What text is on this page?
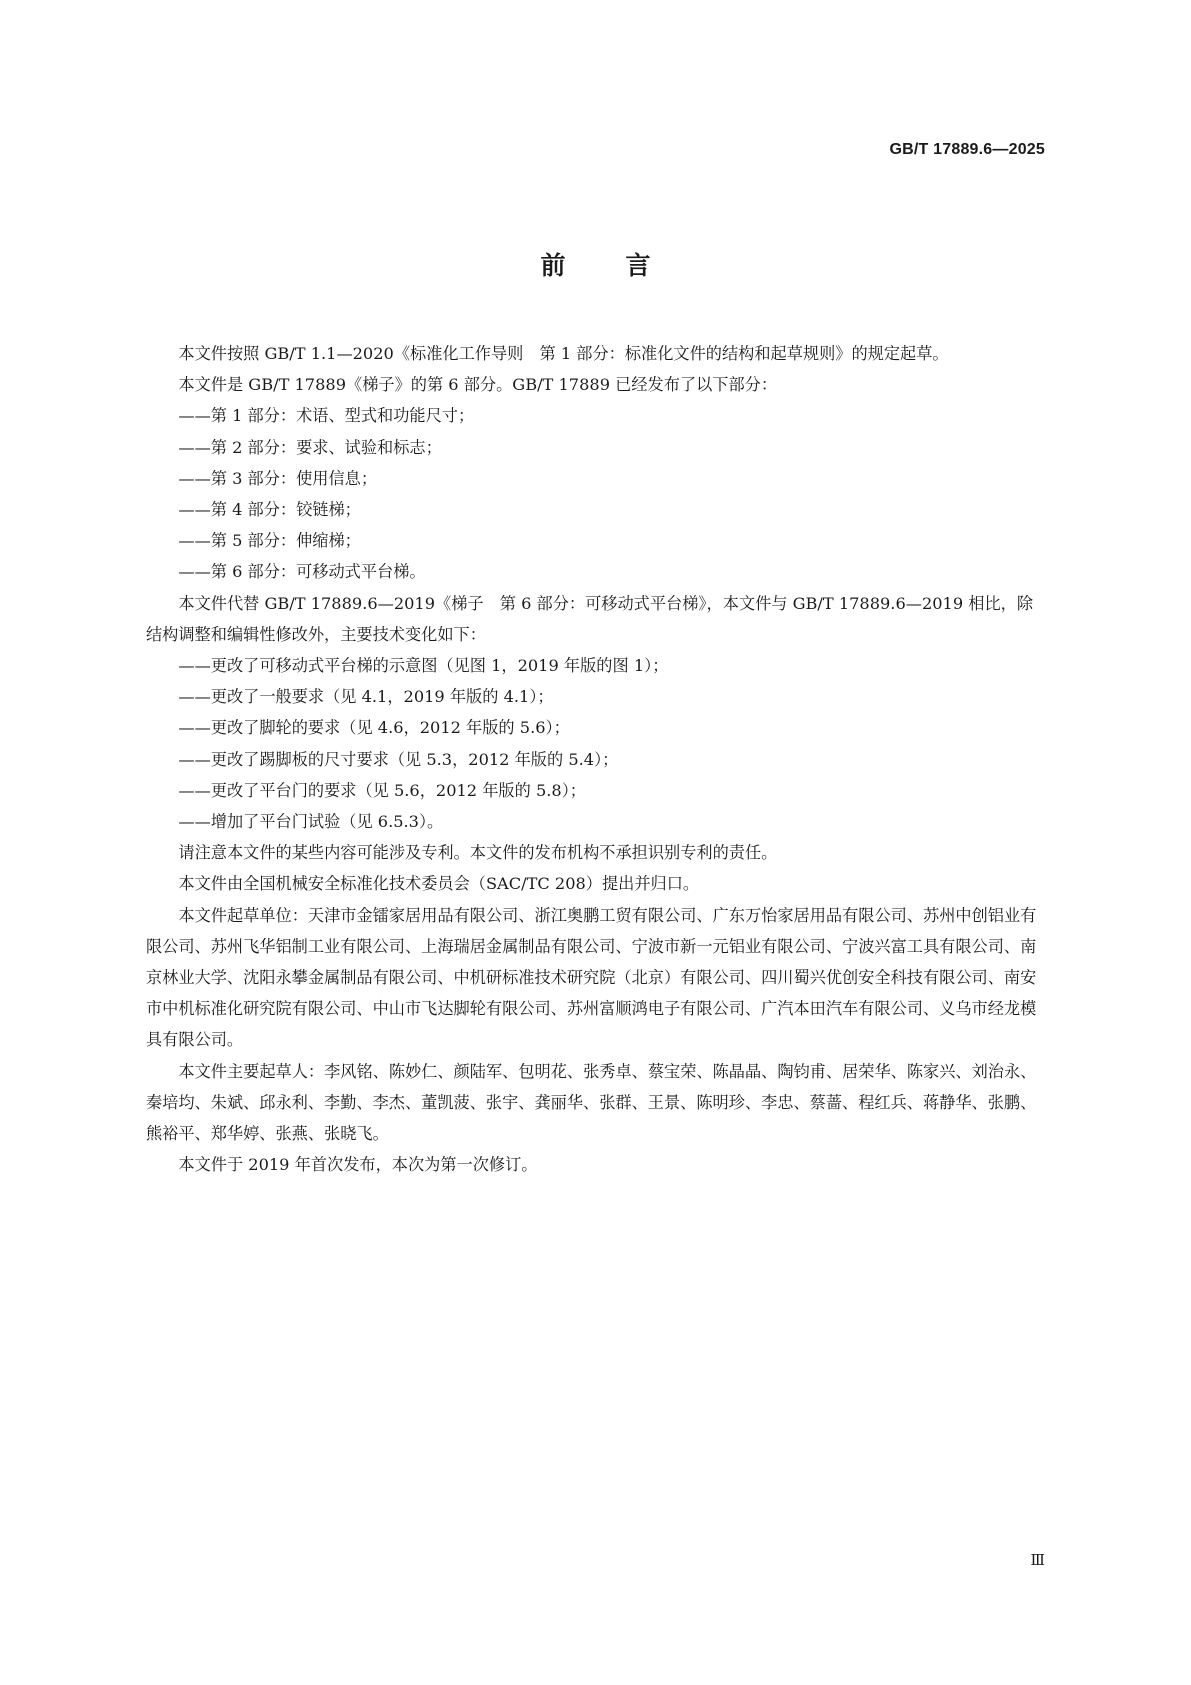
GB/T 17889.6—2025
前 言

本文件按照 GB/T 1.1—2020《标准化工作导则　第 1 部分：标准化文件的结构和起草规则》的规定起草。

本文件是 GB/T 17889《梯子》的第 6 部分。GB/T 17889 已经发布了以下部分：

——第 1 部分：术语、型式和功能尺寸；

——第 2 部分：要求、试验和标志；

——第 3 部分：使用信息；

——第 4 部分：铰链梯；

——第 5 部分：伸缩梯；

——第 6 部分：可移动式平台梯。

本文件代替 GB/T 17889.6—2019《梯子　第 6 部分：可移动式平台梯》，本文件与 GB/T 17889.6—2019 相比，除结构调整和编辑性修改外，主要技术变化如下：

——更改了可移动式平台梯的示意图（见图 1，2019 年版的图 1）；

——更改了一般要求（见 4.1，2019 年版的 4.1）；

——更改了脚轮的要求（见 4.6，2012 年版的 5.6）；

——更改了踢脚板的尺寸要求（见 5.3，2012 年版的 5.4）；

——更改了平台门的要求（见 5.6，2012 年版的 5.8）；

——增加了平台门试验（见 6.5.3）。

请注意本文件的某些内容可能涉及专利。本文件的发布机构不承担识别专利的责任。

本文件由全国机械安全标准化技术委员会（SAC/TC 208）提出并归口。

本文件起草单位：天津市金镭家居用品有限公司、浙江奥鹏工贸有限公司、广东万怡家居用品有限公司、苏州中创铝业有限公司、苏州飞华铝制工业有限公司、上海瑞居金属制品有限公司、宁波市新一元铝业有限公司、宁波兴富工具有限公司、南京林业大学、沈阳永攀金属制品有限公司、中机研标准技术研究院（北京）有限公司、四川蜀兴优创安全科技有限公司、南安市中机标准化研究院有限公司、中山市飞达脚轮有限公司、苏州富顺鸿电子有限公司、广汽本田汽车有限公司、义乌市经龙模具有限公司。

本文件主要起草人：李风铭、陈妙仁、颜陆军、包明花、张秀卓、蔡宝荣、陈晶晶、陶钧甫、居荣华、陈家兴、刘治永、秦培均、朱斌、邱永利、李勤、李杰、董凯菠、张宇、龚丽华、张群、王景、陈明珍、李忠、蔡蔷、程红兵、蒋静华、张鹏、熊裕平、郑华婷、张燕、张晓飞。

本文件于 2019 年首次发布，本次为第一次修订。

Ⅲ
